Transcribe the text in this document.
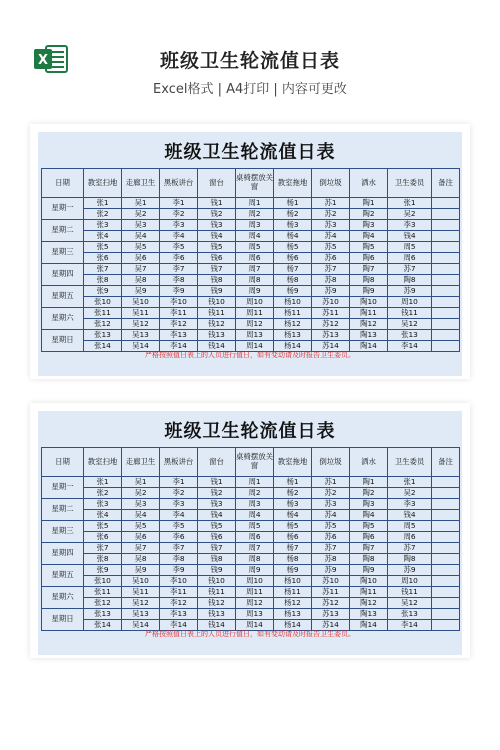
X	班级卫生轮流值日表
Excel格式 | A4打印 | 内容可更改
班级卫生轮流值日表
日期	教室扫地	走廊卫生	黑板讲台	窗台	桌椅摆放关窗	教室拖地	倒垃圾	洒水	卫生委员	备注
星期一	张1	吴1	李1	钱1	周1	杨1	苏1	陶1	张1	
	张2	吴2	李2	钱2	周2	杨2	苏2	陶2	吴2	
星期二	张3	吴3	李3	钱3	周3	杨3	苏3	陶3	李3	
	张4	吴4	李4	钱4	周4	杨4	苏4	陶4	钱4	
星期三	张5	吴5	李5	钱5	周5	杨5	苏5	陶5	周5	
	张6	吴6	李6	钱6	周6	杨6	苏6	陶6	周6	
星期四	张7	吴7	李7	钱7	周7	杨7	苏7	陶7	苏7	
	张8	吴8	李8	钱8	周8	杨8	苏8	陶8	陶8	
星期五	张9	吴9	李9	钱9	周9	杨9	苏9	陶9	苏9	
	张10	吴10	李10	钱10	周10	杨10	苏10	陶10	周10	
星期六	张11	吴11	李11	钱11	周11	杨11	苏11	陶11	钱11	
	张12	吴12	李12	钱12	周12	杨12	苏12	陶12	吴12	
星期日	张13	吴13	李13	钱13	周13	杨13	苏13	陶13	张13	
	张14	吴14	李14	钱14	周14	杨14	苏14	陶14	李14	
严格按照值日表上的人员进行值日，如有变动请及时报告卫生委员。
班级卫生轮流值日表
日期	教室扫地	走廊卫生	黑板讲台	窗台	桌椅摆放关窗	教室拖地	倒垃圾	洒水	卫生委员	备注
星期一	张1	吴1	李1	钱1	周1	杨1	苏1	陶1	张1	
	张2	吴2	李2	钱2	周2	杨2	苏2	陶2	吴2	
星期二	张3	吴3	李3	钱3	周3	杨3	苏3	陶3	李3	
	张4	吴4	李4	钱4	周4	杨4	苏4	陶4	钱4	
星期三	张5	吴5	李5	钱5	周5	杨5	苏5	陶5	周5	
	张6	吴6	李6	钱6	周6	杨6	苏6	陶6	周6	
星期四	张7	吴7	李7	钱7	周7	杨7	苏7	陶7	苏7	
	张8	吴8	李8	钱8	周8	杨8	苏8	陶8	陶8	
星期五	张9	吴9	李9	钱9	周9	杨9	苏9	陶9	苏9	
	张10	吴10	李10	钱10	周10	杨10	苏10	陶10	周10	
星期六	张11	吴11	李11	钱11	周11	杨11	苏11	陶11	钱11	
	张12	吴12	李12	钱12	周12	杨12	苏12	陶12	吴12	
星期日	张13	吴13	李13	钱13	周13	杨13	苏13	陶13	张13	
	张14	吴14	李14	钱14	周14	杨14	苏14	陶14	李14	
严格按照值日表上的人员进行值日，如有变动请及时报告卫生委员。
